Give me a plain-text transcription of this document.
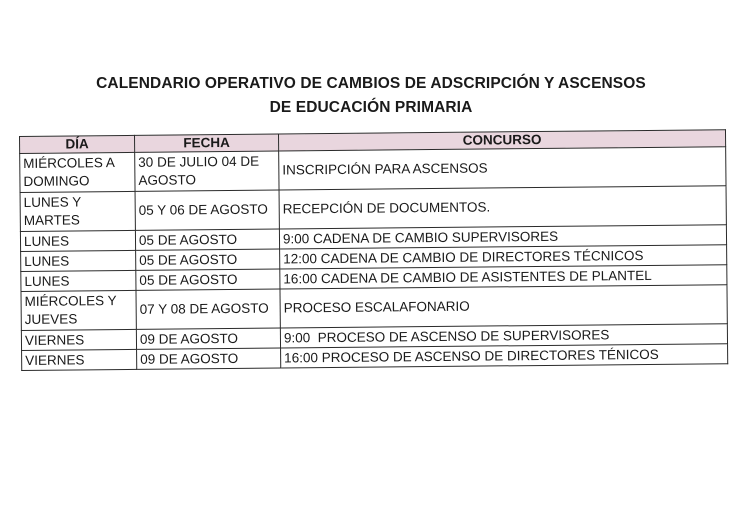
CALENDARIO OPERATIVO DE CAMBIOS DE ADSCRIPCIÓN Y ASCENSOS
DE EDUCACIÓN PRIMARIA
DÍA	FECHA	CONCURSO
MIÉRCOLES A DOMINGO	30 DE JULIO 04 DE AGOSTO	INSCRIPCIÓN PARA ASCENSOS
LUNES Y MARTES	05 Y 06 DE AGOSTO	RECEPCIÓN DE DOCUMENTOS.
LUNES	05 DE AGOSTO	9:00 CADENA DE CAMBIO SUPERVISORES
LUNES	05 DE AGOSTO	12:00 CADENA DE CAMBIO DE DIRECTORES TÉCNICOS
LUNES	05 DE AGOSTO	16:00 CADENA DE CAMBIO DE ASISTENTES DE PLANTEL
MIÉRCOLES Y JUEVES	07 Y 08 DE AGOSTO	PROCESO ESCALAFONARIO
VIERNES	09 DE AGOSTO	9:00  PROCESO DE ASCENSO DE SUPERVISORES
VIERNES	09 DE AGOSTO	16:00 PROCESO DE ASCENSO DE DIRECTORES TÉNICOS
